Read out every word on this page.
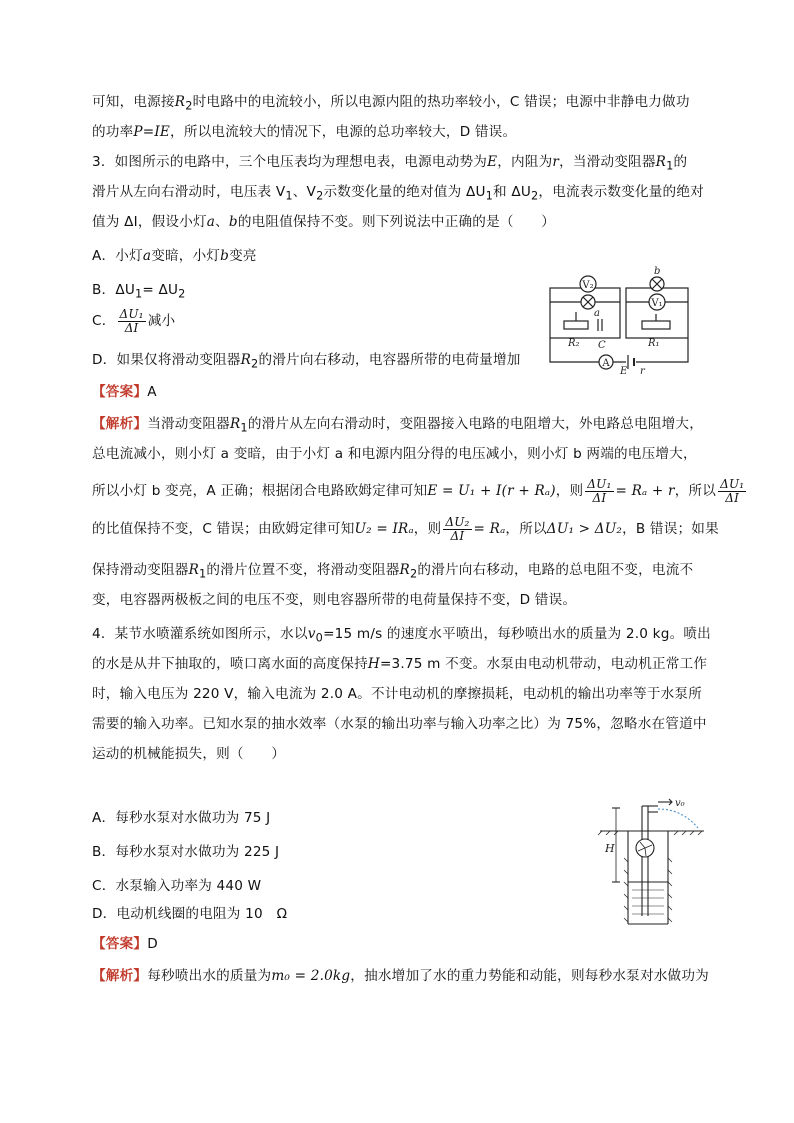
可知，电源接$R_2$时电路中的电流较小，所以电源内阻的热功率较小，C 错误；电源中非静电力做功
的功率P=IE，所以电流较大的情况下，电源的总功率较大，D 错误。
3．如图所示的电路中，三个电压表均为理想电表，电源电动势为E，内阻为r，当滑动变阻器$R_1$的
滑片从左向右滑动时，电压表 $V_1$、$V_2$示数变化量的绝对值为 $\Delta U_1$和 $\Delta U_2$，电流表示数变化量的绝对
值为 ΔI，假设小灯a、b的电阻值保持不变。则下列说法中正确的是（　　）
A．小灯a变暗，小灯b变亮
B．$\Delta U_1= \Delta U_2$
C． $\frac{\text{ΔU₁}}{\Delta I}$ 减小
D．如果仅将滑动变阻器$R_2$的滑片向右移动，电容器所带的电荷量增加
【答案】A
【解析】当滑动变阻器$R_1$的滑片从左向右滑动时，变阻器接入电路的电阻增大，外电路总电阻增大，
总电流减小，则小灯 a 变暗，由于小灯 a 和电源内阻分得的电压减小，则小灯 b 两端的电压增大，
所以小灯 b 变亮，A 正确；根据闭合电路欧姆定律可知E = U₁ + I(r + Rₐ)，则 $\frac{\text{ΔU₁}}{\Delta I} = R_a + r$，所以 $\frac{\text{ΔU₁}}{\Delta I}$
的比值保持不变，C 错误；由欧姆定律可知U₂ = IRₐ，则 $\frac{\text{ΔU₂}}{\Delta I} = R_a$，所以ΔU₁ > ΔU₂，B 错误；如果
保持滑动变阻器$R_1$的滑片位置不变，将滑动变阻器$R_2$的滑片向右移动，电路的总电阻不变，电流不
变，电容器两极板之间的电压不变，则电容器所带的电荷量保持不变，D 错误。
4．某节水喷灌系统如图所示，水以$v_0=15$ m/s 的速度水平喷出，每秒喷出水的质量为 2.0 kg。喷出
的水是从井下抽取的，喷口离水面的高度保持H=3.75 m 不变。水泵由电动机带动，电动机正常工作
时，输入电压为 220 V，输入电流为 2.0 A。不计电动机的摩擦损耗，电动机的输出功率等于水泵所
需要的输入功率。已知水泵的抽水效率（水泵的输出功率与输入功率之比）为 75%，忽略水在管道中
运动的机械能损失，则（　　）
A．每秒水泵对水做功为 75 J
B．每秒水泵对水做功为 225 J
C．水泵输入功率为 440 W
D．电动机线圈的电阻为 10　Ω
【答案】D
【解析】每秒喷出水的质量为m₀ = 2.0kg，抽水增加了水的重力势能和动能，则每秒水泵对水做功为
V₂
a
R₂ C
b
V₁
R₁
A
E r
v₀
H
